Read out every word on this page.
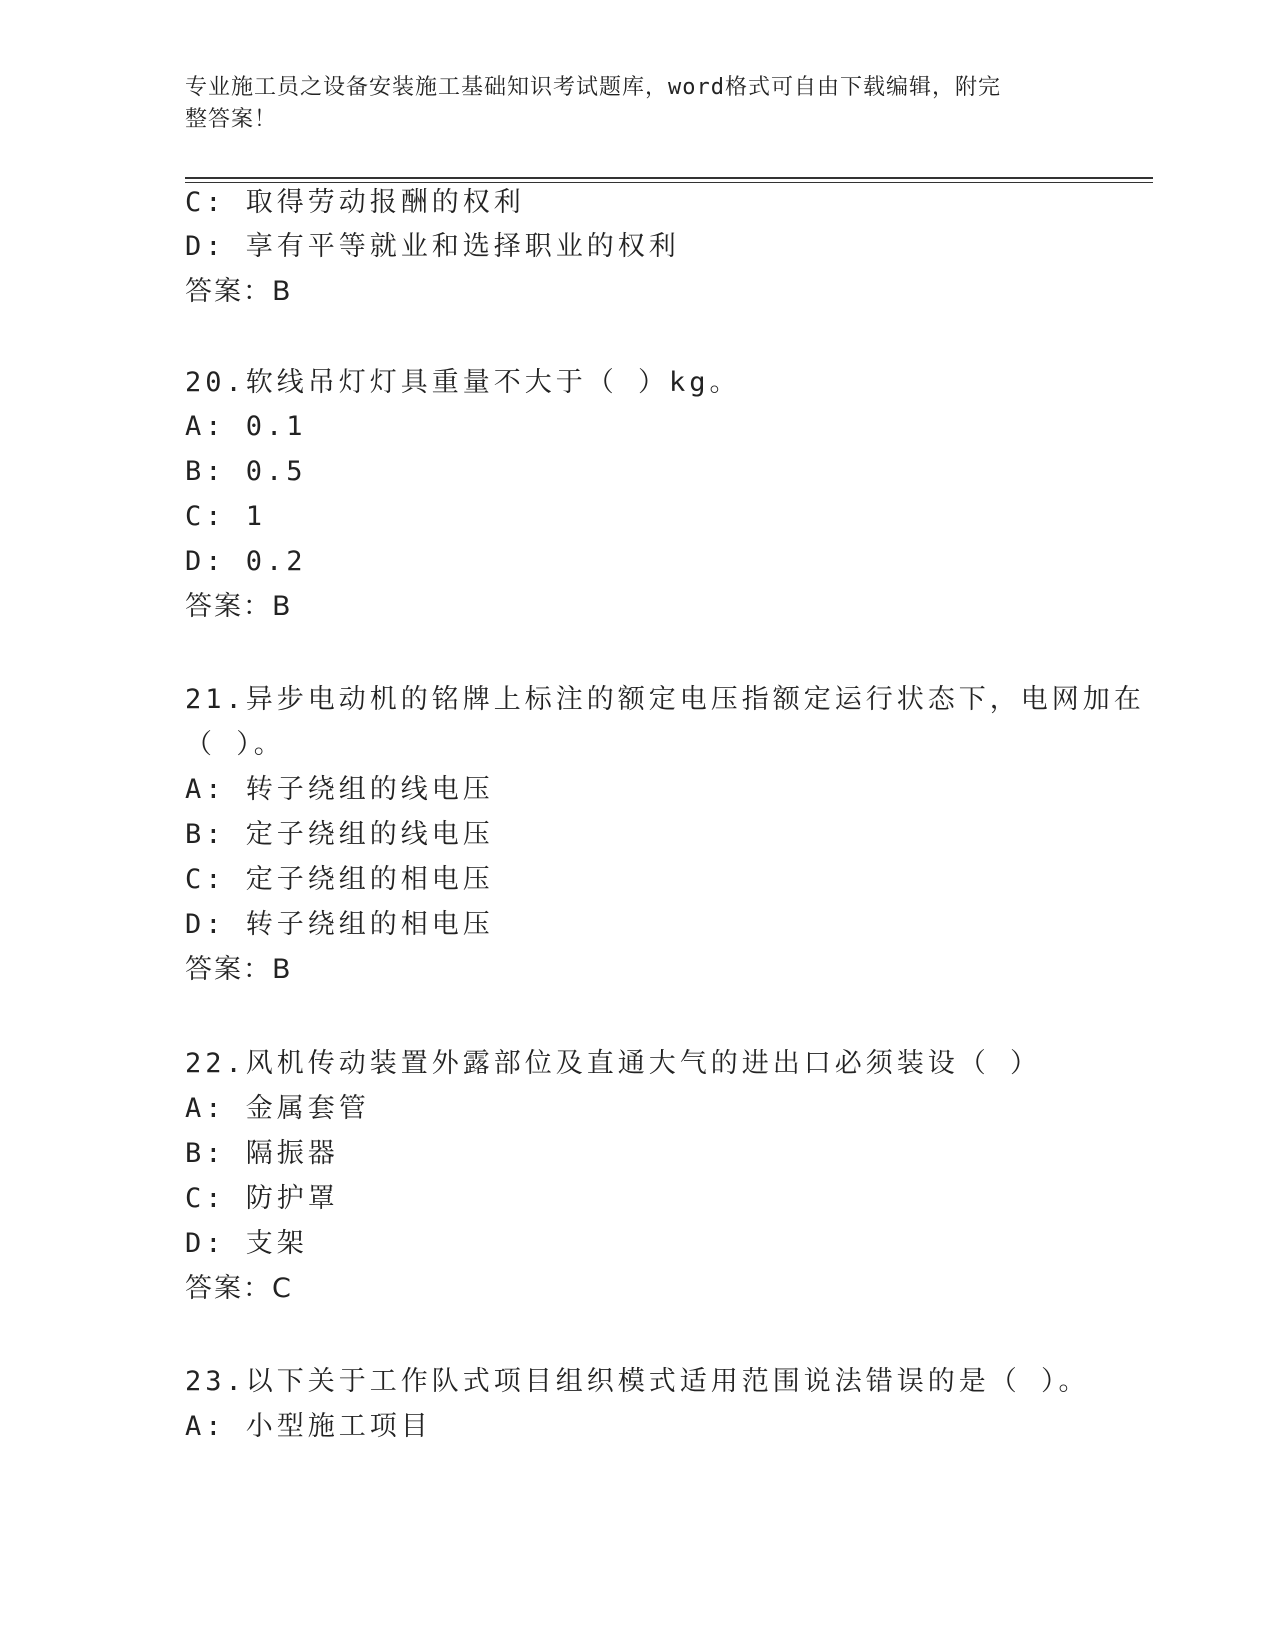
专业施工员之设备安装施工基础知识考试题库，word格式可自由下载编辑，附完
整答案！
C: 取得劳动报酬的权利
D: 享有平等就业和选择职业的权利
答案：B
20.软线吊灯灯具重量不大于（ ）kg。
A: 0.1
B: 0.5
C: 1
D: 0.2
答案：B
21.异步电动机的铭牌上标注的额定电压指额定运行状态下，电网加在
（ ）。
A: 转子绕组的线电压
B: 定子绕组的线电压
C: 定子绕组的相电压
D: 转子绕组的相电压
答案：B
22.风机传动装置外露部位及直通大气的进出口必须装设（ ）
A: 金属套管
B: 隔振器
C: 防护罩
D: 支架
答案：C
23.以下关于工作队式项目组织模式适用范围说法错误的是（ ）。
A: 小型施工项目
